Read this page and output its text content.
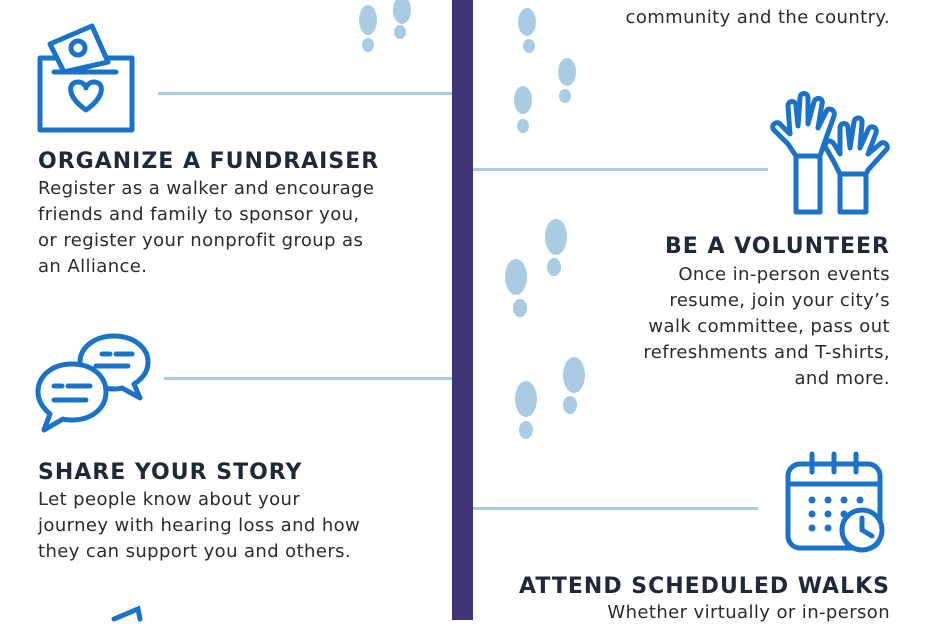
ORGANIZE A FUNDRAISER
Register as a walker and encourage
friends and family to sponsor you,
or register your nonprofit group as
an Alliance.
community and the country.
BE A VOLUNTEER
Once in-person events
resume, join your city’s
walk committee, pass out
refreshments and T-shirts,
and more.
SHARE YOUR STORY
Let people know about your
journey with hearing loss and how
they can support you and others.
ATTEND SCHEDULED WALKS
Whether virtually or in-person
